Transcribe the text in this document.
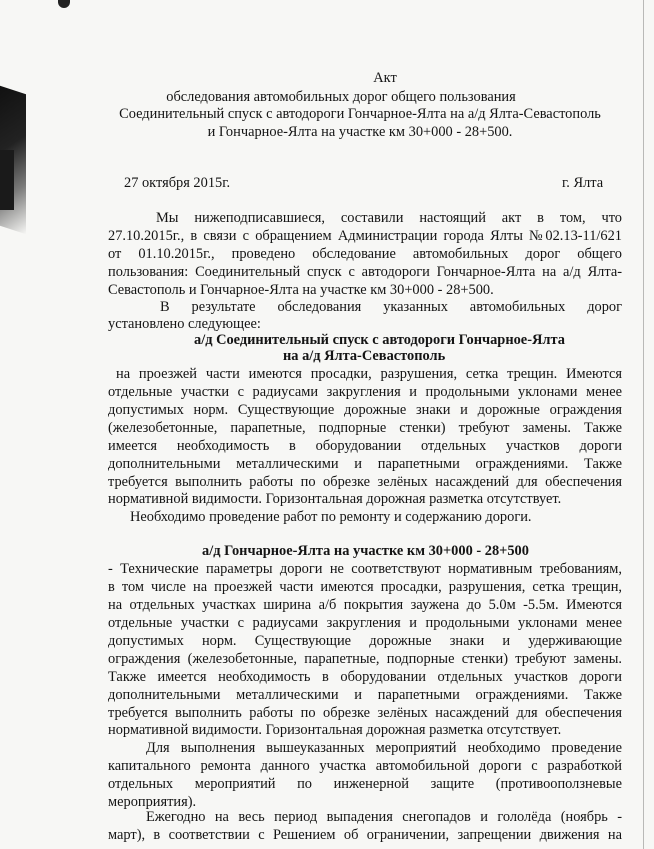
Акт
обследования автомобильных дорог общего пользования
Соединительный спуск с автодороги Гончарное-Ялта на а/д Ялта-Севастополь
и Гончарное-Ялта на участке км 30+000 - 28+500.
27 октября 2015г.	г. Ялта
Мы нижеподписавшиеся, составили настоящий акт в том, что
27.10.2015г., в связи с обращением Администрации города Ялты №02.13-11/621
от 01.10.2015г., проведено обследование автомобильных дорог общего
пользования: Соединительный спуск с автодороги Гончарное-Ялта на а/д Ялта-
Севастополь и Гончарное-Ялта на участке км 30+000 - 28+500.
В результате обследования указанных автомобильных дорог
установлено следующее:
а/д Соединительный спуск с автодороги Гончарное-Ялта
на а/д Ялта-Севастополь
на проезжей части имеются просадки, разрушения, сетка трещин. Имеются
отдельные участки с радиусами закругления и продольными уклонами менее
допустимых норм. Существующие дорожные знаки и дорожные ограждения
(железобетонные, парапетные, подпорные стенки) требуют замены. Также
имеется необходимость в оборудовании отдельных участков дороги
дополнительными металлическими и парапетными ограждениями. Также
требуется выполнить работы по обрезке зелёных насаждений для обеспечения
нормативной видимости. Горизонтальная дорожная разметка отсутствует.
Необходимо проведение работ по ремонту и содержанию дороги.
а/д Гончарное-Ялта на участке км 30+000 - 28+500
- Технические параметры дороги не соответствуют нормативным требованиям,
в том числе на проезжей части имеются просадки, разрушения, сетка трещин,
на отдельных участках ширина а/б покрытия заужена до 5.0м -5.5м. Имеются
отдельные участки с радиусами закругления и продольными уклонами менее
допустимых норм. Существующие дорожные знаки и удерживающие
ограждения (железобетонные, парапетные, подпорные стенки) требуют замены.
Также имеется необходимость в оборудовании отдельных участков дороги
дополнительными металлическими и парапетными ограждениями. Также
требуется выполнить работы по обрезке зелёных насаждений для обеспечения
нормативной видимости. Горизонтальная дорожная разметка отсутствует.
Для выполнения вышеуказанных мероприятий необходимо проведение
капитального ремонта данного участка автомобильной дороги с разработкой
отдельных мероприятий по инженерной защите (противооползневые
мероприятия).
Ежегодно на весь период выпадения снегопадов и гололёда (ноябрь -
март), в соответствии с Решением об ограничении, запрещении движения на
